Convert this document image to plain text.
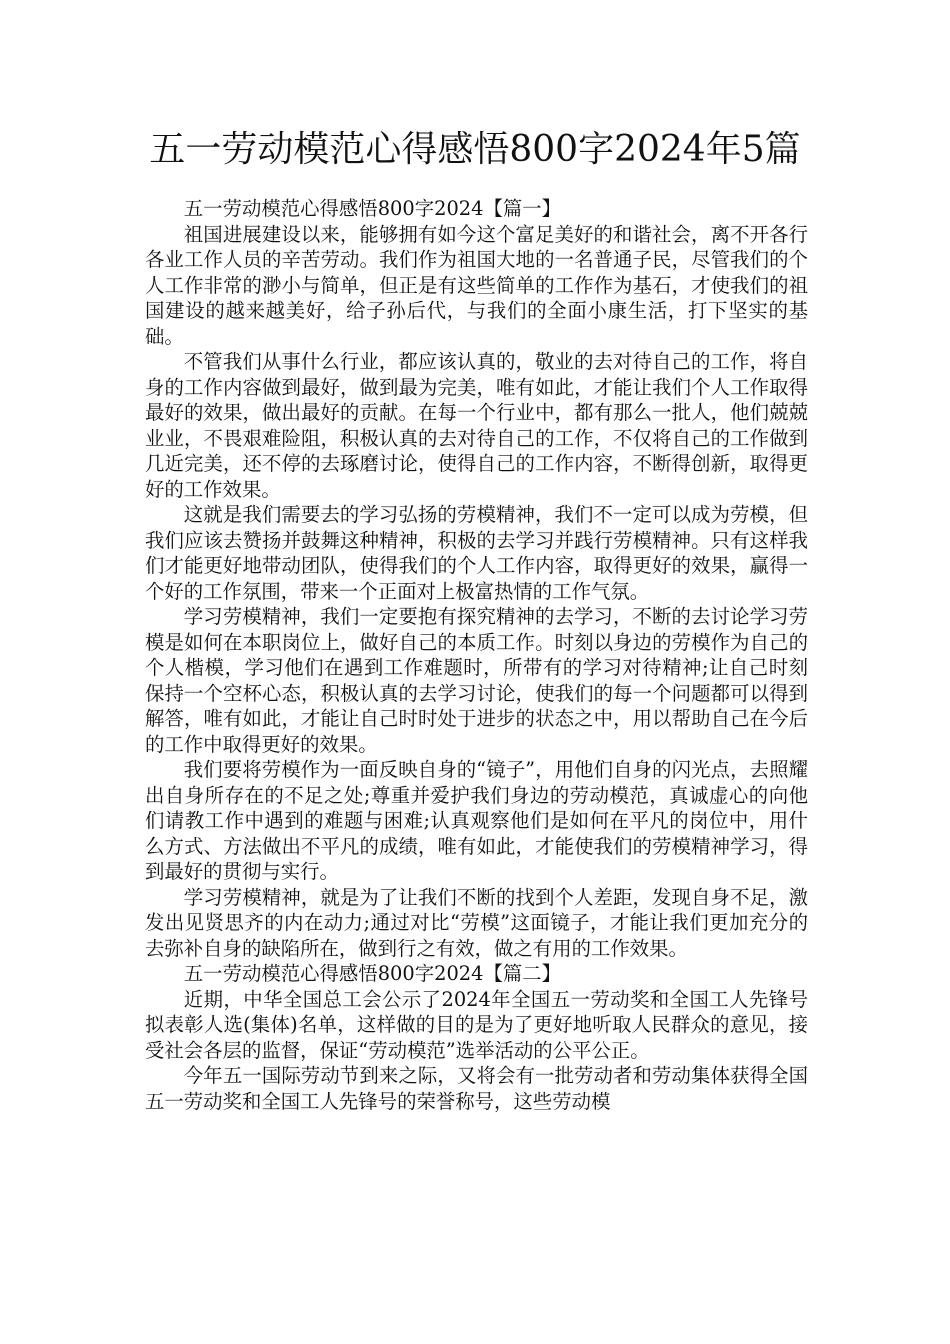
五一劳动模范心得感悟800字2024年5篇

五一劳动模范心得感悟800字2024【篇一】

祖国进展建设以来，能够拥有如今这个富足美好的和谐社会，离不开各行各业工作人员的辛苦劳动。我们作为祖国大地的一名普通子民，尽管我们的个人工作非常的渺小与简单，但正是有这些简单的工作作为基石，才使我们的祖国建设的越来越美好，给子孙后代，与我们的全面小康生活，打下坚实的基础。

不管我们从事什么行业，都应该认真的，敬业的去对待自己的工作，将自身的工作内容做到最好，做到最为完美，唯有如此，才能让我们个人工作取得最好的效果，做出最好的贡献。在每一个行业中，都有那么一批人，他们兢兢业业，不畏艰难险阻，积极认真的去对待自己的工作，不仅将自己的工作做到几近完美，还不停的去琢磨讨论，使得自己的工作内容，不断得创新，取得更好的工作效果。

这就是我们需要去的学习弘扬的劳模精神，我们不一定可以成为劳模，但我们应该去赞扬并鼓舞这种精神，积极的去学习并践行劳模精神。只有这样我们才能更好地带动团队，使得我们的个人工作内容，取得更好的效果，赢得一个好的工作氛围，带来一个正面对上极富热情的工作气氛。

学习劳模精神，我们一定要抱有探究精神的去学习，不断的去讨论学习劳模是如何在本职岗位上，做好自己的本质工作。时刻以身边的劳模作为自己的个人楷模，学习他们在遇到工作难题时，所带有的学习对待精神;让自己时刻保持一个空杯心态，积极认真的去学习讨论，使我们的每一个问题都可以得到解答，唯有如此，才能让自己时时处于进步的状态之中，用以帮助自己在今后的工作中取得更好的效果。

我们要将劳模作为一面反映自身的“镜子”，用他们自身的闪光点，去照耀出自身所存在的不足之处;尊重并爱护我们身边的劳动模范，真诚虚心的向他们请教工作中遇到的难题与困难;认真观察他们是如何在平凡的岗位中，用什么方式、方法做出不平凡的成绩，唯有如此，才能使我们的劳模精神学习，得到最好的贯彻与实行。

学习劳模精神，就是为了让我们不断的找到个人差距，发现自身不足，激发出见贤思齐的内在动力;通过对比“劳模”这面镜子，才能让我们更加充分的去弥补自身的缺陷所在，做到行之有效，做之有用的工作效果。

五一劳动模范心得感悟800字2024【篇二】

近期，中华全国总工会公示了2024年全国五一劳动奖和全国工人先锋号拟表彰人选(集体)名单，这样做的目的是为了更好地听取人民群众的意见，接受社会各层的监督，保证“劳动模范”选举活动的公平公正。

今年五一国际劳动节到来之际，又将会有一批劳动者和劳动集体获得全国五一劳动奖和全国工人先锋号的荣誉称号，这些劳动模
